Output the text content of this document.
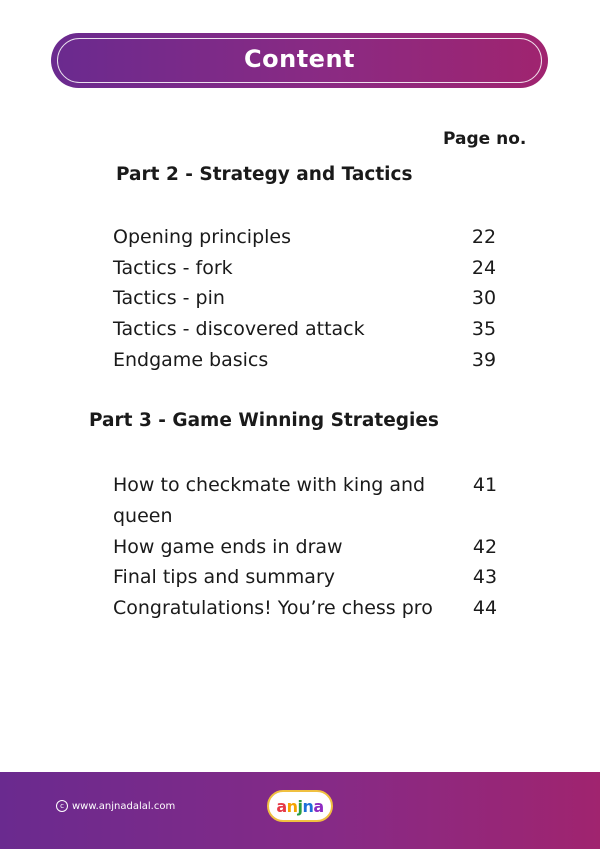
Content
Page no.
Part 2 - Strategy and Tactics
Opening principles	22
Tactics - fork	24
Tactics - pin	30
Tactics - discovered attack	35
Endgame basics	39
Part 3 - Game Winning Strategies
How to checkmate with king and	41
queen
How game ends in draw	42
Final tips and summary	43
Congratulations! You’re chess pro 44
c www.anjnadalal.com	anjna
